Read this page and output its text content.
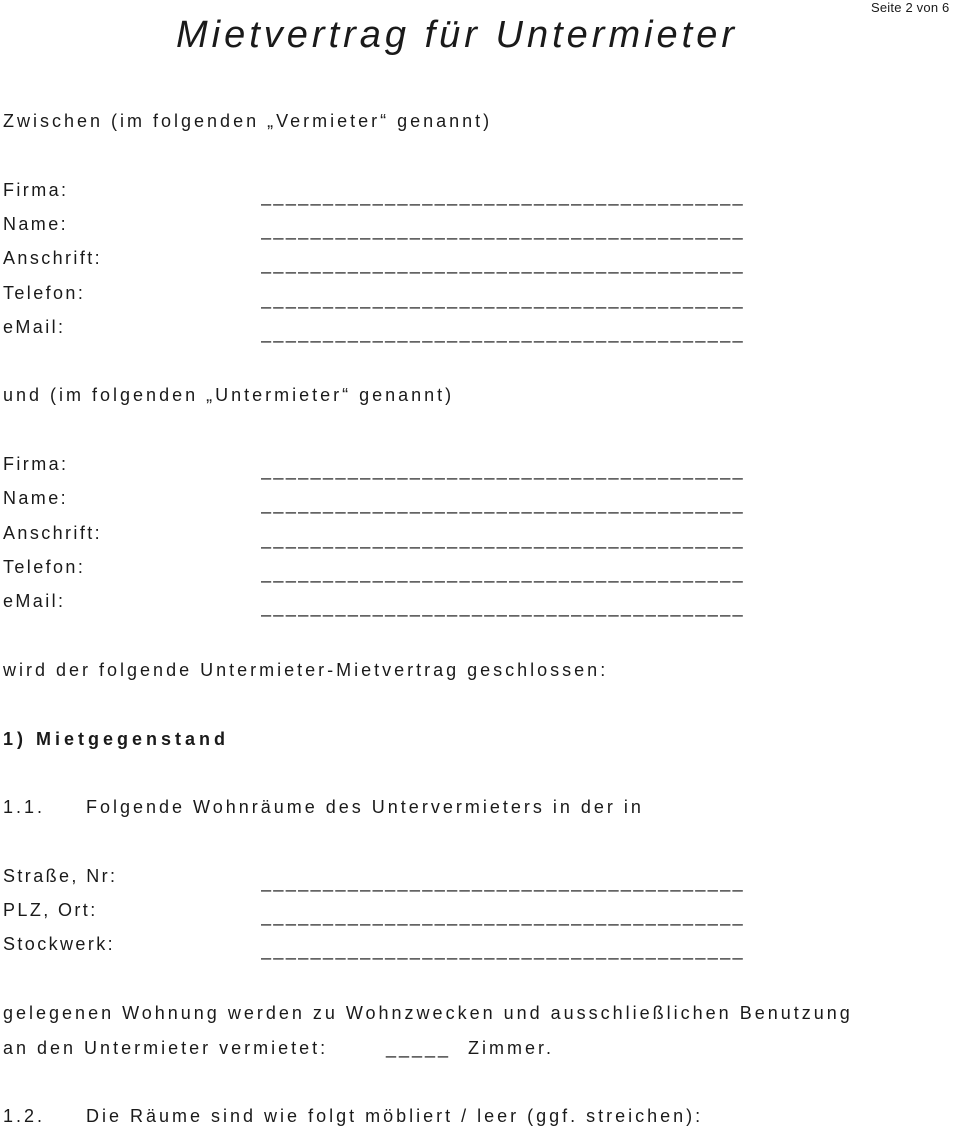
Seite 2 von 6
Mietvertrag für Untermieter
Zwischen (im folgenden „Vermieter“ genannt)
Firma:	_______________________________________
Name:	_______________________________________
Anschrift:	_______________________________________
Telefon:	_______________________________________
eMail:	_______________________________________
und (im folgenden „Untermieter“ genannt)
Firma:	_______________________________________
Name:	_______________________________________
Anschrift:	_______________________________________
Telefon:	_______________________________________
eMail:	_______________________________________
wird der folgende Untermieter-Mietvertrag geschlossen:
1) Mietgegenstand
1.1. Folgende Wohnräume des Untervermieters in der in
Straße, Nr:	_______________________________________
PLZ, Ort:	_______________________________________
Stockwerk:	_______________________________________
gelegenen Wohnung werden zu Wohnzwecken und ausschließlichen Benutzung
an den Untermieter vermietet:	_____ Zimmer.
1.2. Die Räume sind wie folgt möbliert / leer (ggf. streichen):
